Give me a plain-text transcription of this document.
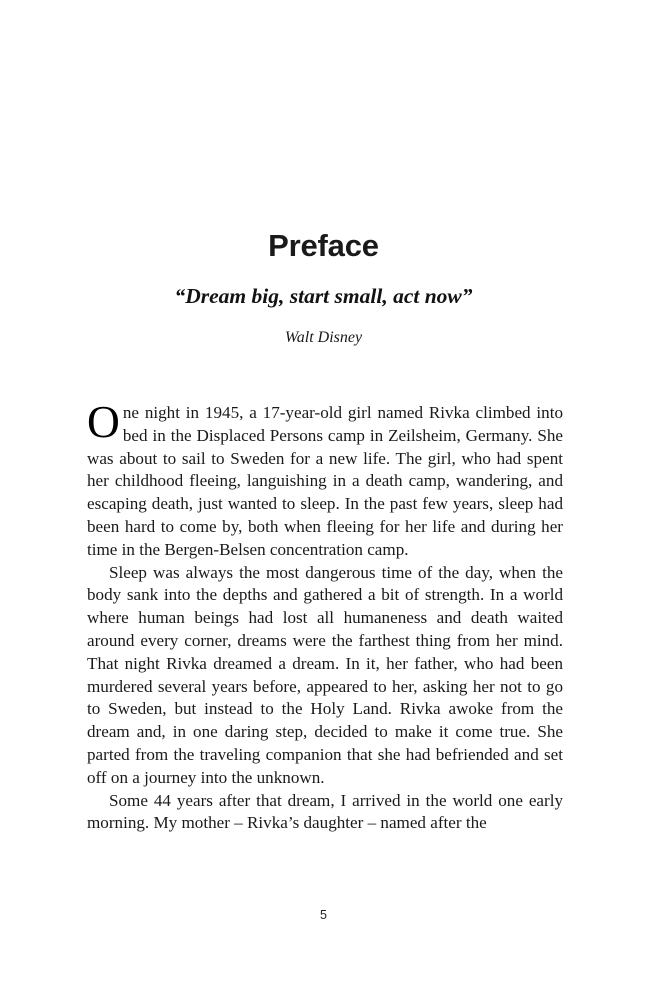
Preface
“Dream big, start small, act now”
Walt Disney

One night in 1945, a 17-year-old girl named Rivka climbed into bed in the Displaced Persons camp in Zeilsheim, Germany. She was about to sail to Sweden for a new life. The girl, who had spent her childhood fleeing, languishing in a death camp, wandering, and escaping death, just wanted to sleep. In the past few years, sleep had been hard to come by, both when fleeing for her life and during her time in the Bergen-Belsen concentration camp.

Sleep was always the most dangerous time of the day, when the body sank into the depths and gathered a bit of strength. In a world where human beings had lost all humaneness and death waited around every corner, dreams were the farthest thing from her mind. That night Rivka dreamed a dream. In it, her father, who had been murdered several years before, appeared to her, asking her not to go to Sweden, but instead to the Holy Land. Rivka awoke from the dream and, in one daring step, decided to make it come true. She parted from the traveling companion that she had befriended and set off on a journey into the unknown.

Some 44 years after that dream, I arrived in the world one early morning. My mother – Rivka’s daughter – named after the

5
